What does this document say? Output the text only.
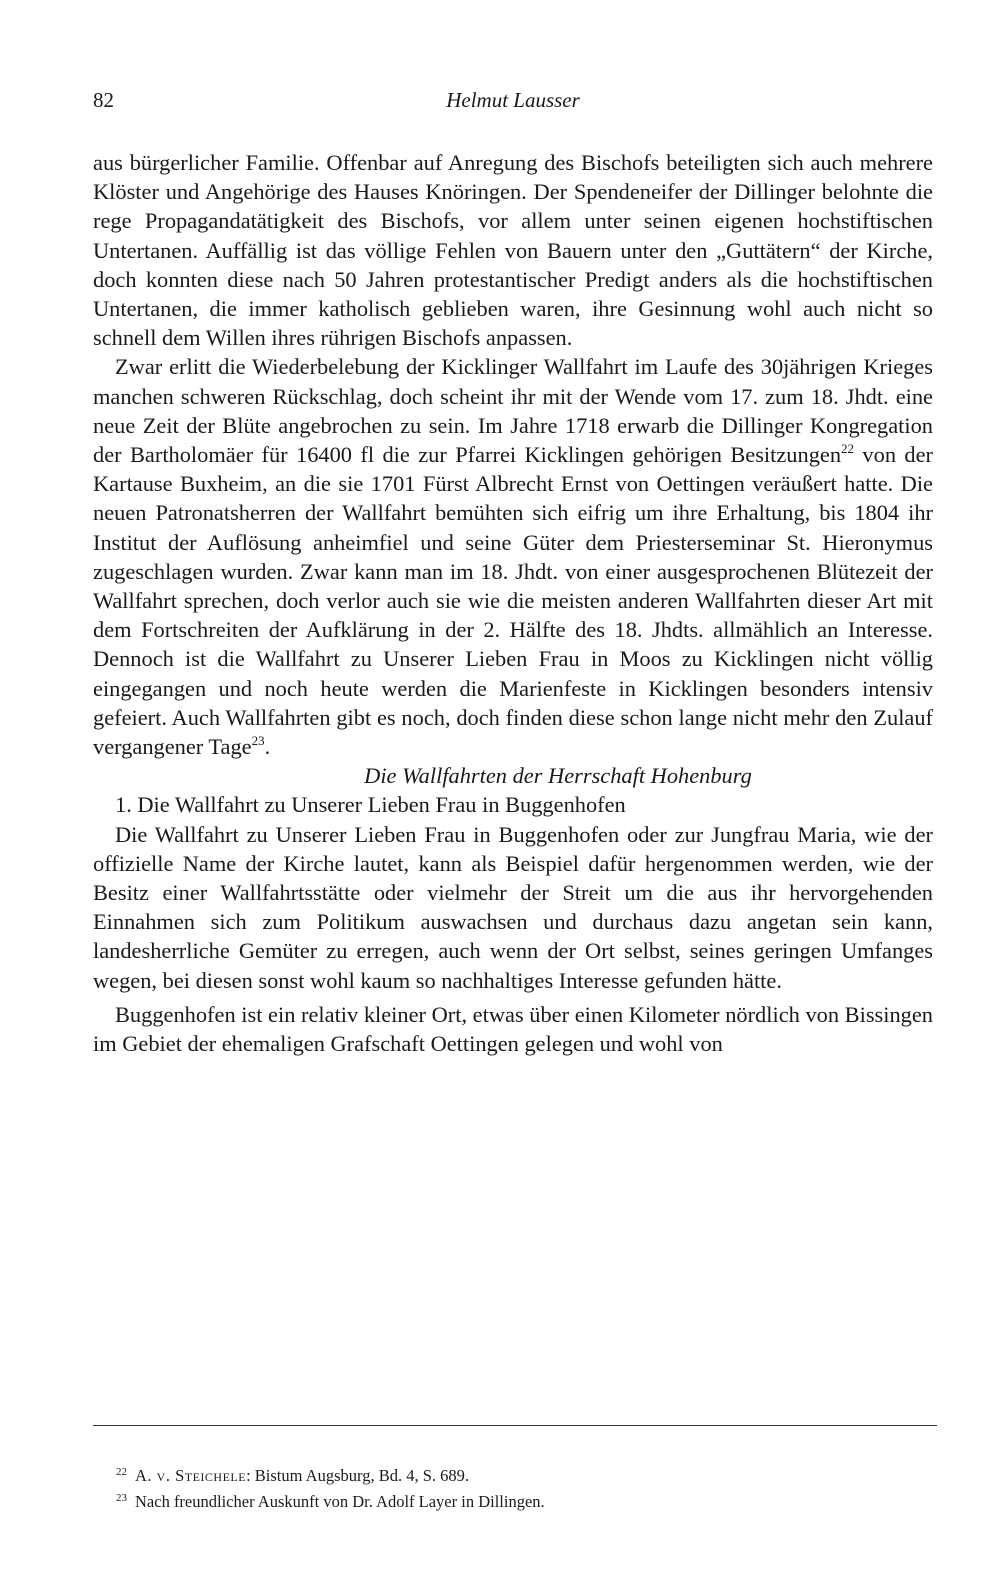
82	Helmut Lausser

aus bürgerlicher Familie. Offenbar auf Anregung des Bischofs beteiligten sich auch mehrere Klöster und Angehörige des Hauses Knöringen. Der Spendeneifer der Dillinger belohnte die rege Propagandatätigkeit des Bischofs, vor allem unter seinen eigenen hochstiftischen Untertanen. Auffällig ist das völlige Fehlen von Bauern unter den „Guttätern“ der Kirche, doch konnten diese nach 50 Jahren protestantischer Predigt anders als die hochstiftischen Untertanen, die immer katholisch geblieben waren, ihre Gesinnung wohl auch nicht so schnell dem Willen ihres rührigen Bischofs anpassen.

Zwar erlitt die Wiederbelebung der Kicklinger Wallfahrt im Laufe des 30jährigen Krieges manchen schweren Rückschlag, doch scheint ihr mit der Wende vom 17. zum 18. Jhdt. eine neue Zeit der Blüte angebrochen zu sein. Im Jahre 1718 erwarb die Dillinger Kongregation der Bartholomäer für 16400 fl die zur Pfarrei Kicklingen gehörigen Besitzungen$^{22}$ von der Kartause Buxheim, an die sie 1701 Fürst Albrecht Ernst von Oettingen veräußert hatte. Die neuen Patronatsherren der Wallfahrt bemühten sich eifrig um ihre Erhaltung, bis 1804 ihr Institut der Auflösung anheimfiel und seine Güter dem Priesterseminar St. Hieronymus zugeschlagen wurden. Zwar kann man im 18. Jhdt. von einer ausgesprochenen Blütezeit der Wallfahrt sprechen, doch verlor auch sie wie die meisten anderen Wallfahrten dieser Art mit dem Fortschreiten der Aufklärung in der 2. Hälfte des 18. Jhdts. allmählich an Interesse. Dennoch ist die Wallfahrt zu Unserer Lieben Frau in Moos zu Kicklingen nicht völlig eingegangen und noch heute werden die Marienfeste in Kicklingen besonders intensiv gefeiert. Auch Wallfahrten gibt es noch, doch finden diese schon lange nicht mehr den Zulauf vergangener Tage$^{23}$.

Die Wallfahrten der Herrschaft Hohenburg

1. Die Wallfahrt zu Unserer Lieben Frau in Buggenhofen

Die Wallfahrt zu Unserer Lieben Frau in Buggenhofen oder zur Jungfrau Maria, wie der offizielle Name der Kirche lautet, kann als Beispiel dafür hergenommen werden, wie der Besitz einer Wallfahrtsstätte oder vielmehr der Streit um die aus ihr hervorgehenden Einnahmen sich zum Politikum auswachsen und durchaus dazu angetan sein kann, landesherrliche Gemüter zu erregen, auch wenn der Ort selbst, seines geringen Umfanges wegen, bei diesen sonst wohl kaum so nachhaltiges Interesse gefunden hätte.

Buggenhofen ist ein relativ kleiner Ort, etwas über einen Kilometer nördlich von Bissingen im Gebiet der ehemaligen Grafschaft Oettingen gelegen und wohl von

$^{22}$ A. v. Steichele: Bistum Augsburg, Bd. 4, S. 689.

$^{23}$ Nach freundlicher Auskunft von Dr. Adolf Layer in Dillingen.
